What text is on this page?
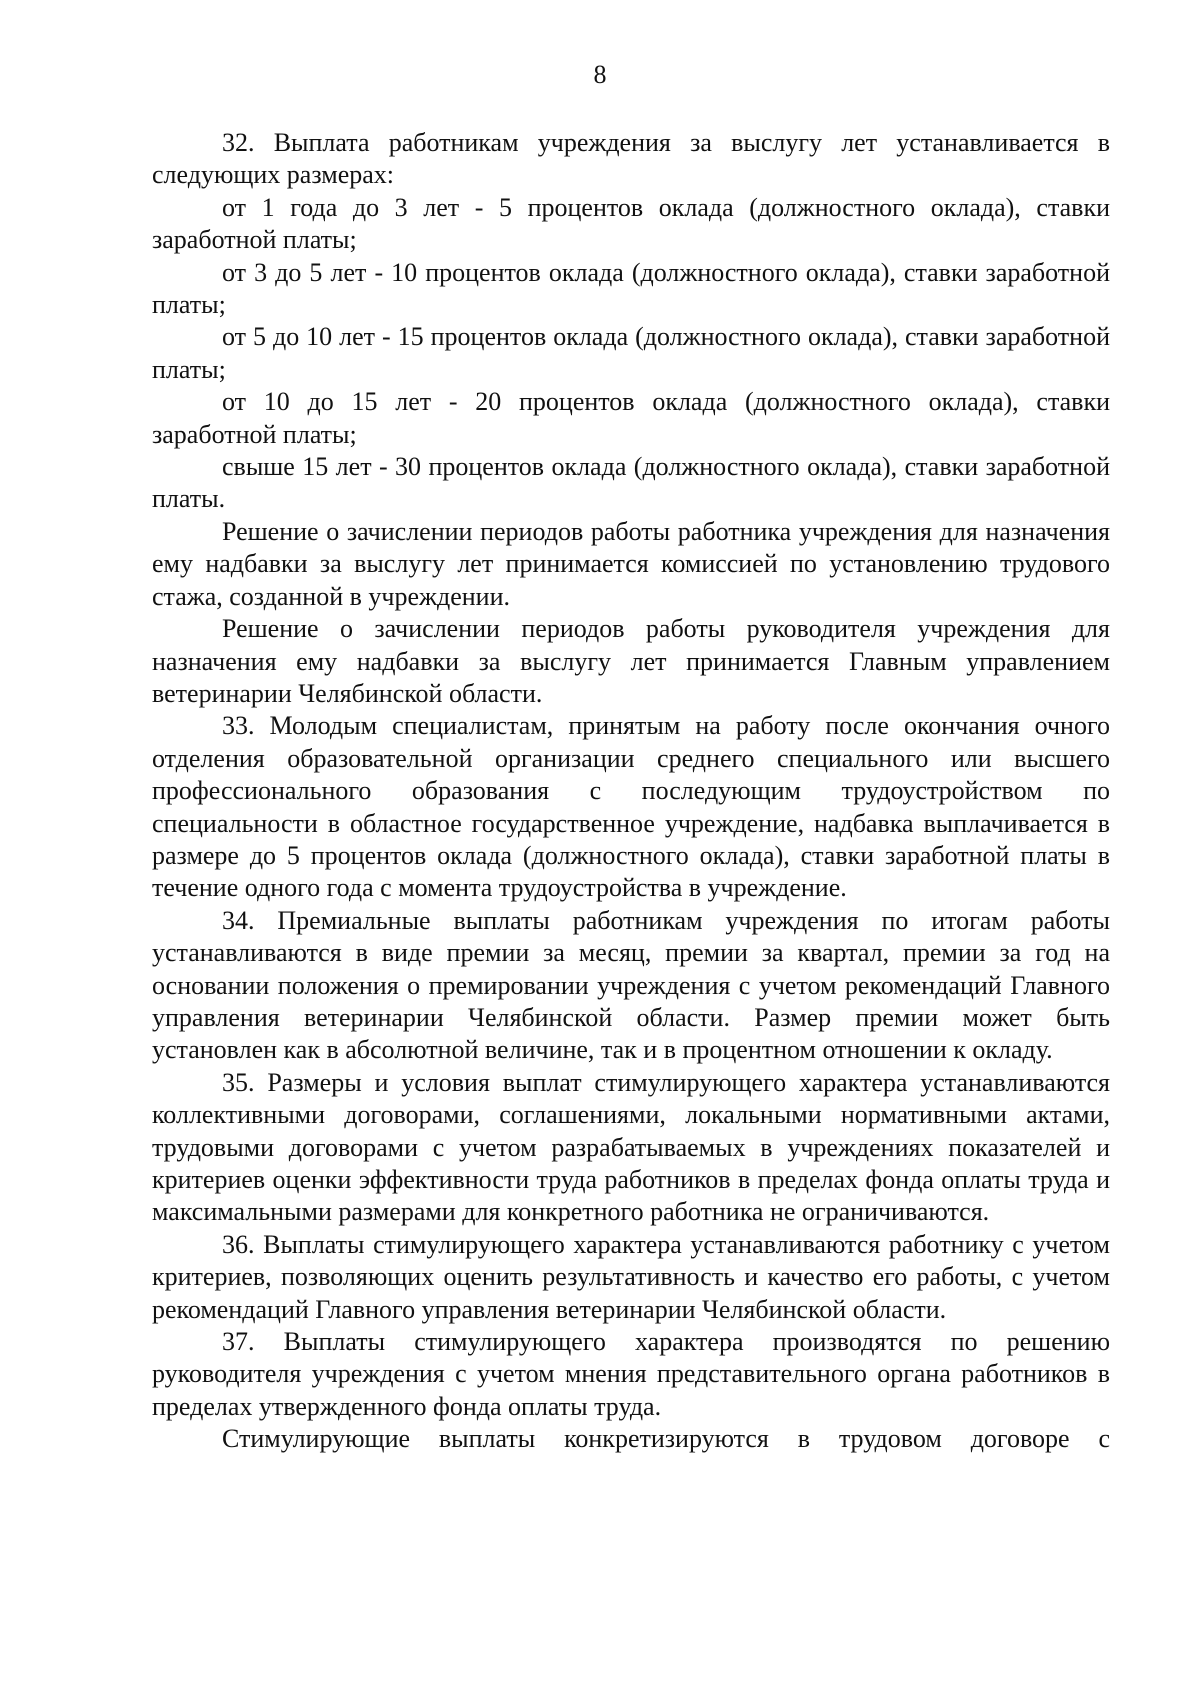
8

32. Выплата работникам учреждения за выслугу лет устанавливается в следующих размерах:

от 1 года до 3 лет - 5 процентов оклада (должностного оклада), ставки заработной платы;

от 3 до 5 лет - 10 процентов оклада (должностного оклада), ставки заработной платы;

от 5 до 10 лет - 15 процентов оклада (должностного оклада), ставки заработной платы;

от 10 до 15 лет - 20 процентов оклада (должностного оклада), ставки заработной платы;

свыше 15 лет - 30 процентов оклада (должностного оклада), ставки заработной платы.

Решение о зачислении периодов работы работника учреждения для назначения ему надбавки за выслугу лет принимается комиссией по установлению трудового стажа, созданной в учреждении.

Решение о зачислении периодов работы руководителя учреждения для назначения ему надбавки за выслугу лет принимается Главным управлением ветеринарии Челябинской области.

33. Молодым специалистам, принятым на работу после окончания очного отделения образовательной организации среднего специального или высшего профессионального образования с последующим трудоустройством по специальности в областное государственное учреждение, надбавка выплачивается в размере до 5 процентов оклада (должностного оклада), ставки заработной платы в течение одного года с момента трудоустройства в учреждение.

34. Премиальные выплаты работникам учреждения по итогам работы устанавливаются в виде премии за месяц, премии за квартал, премии за год на основании положения о премировании учреждения с учетом рекомендаций Главного управления ветеринарии Челябинской области. Размер премии может быть установлен как в абсолютной величине, так и в процентном отношении к окладу.

35. Размеры и условия выплат стимулирующего характера устанавливаются коллективными договорами, соглашениями, локальными нормативными актами, трудовыми договорами с учетом разрабатываемых в учреждениях показателей и критериев оценки эффективности труда работников в пределах фонда оплаты труда и максимальными размерами для конкретного работника не ограничиваются.

36. Выплаты стимулирующего характера устанавливаются работнику с учетом критериев, позволяющих оценить результативность и качество его работы, с учетом рекомендаций Главного управления ветеринарии Челябинской области.

37. Выплаты стимулирующего характера производятся по решению руководителя учреждения с учетом мнения представительного органа работников в пределах утвержденного фонда оплаты труда.

Стимулирующие выплаты конкретизируются в трудовом договоре с
